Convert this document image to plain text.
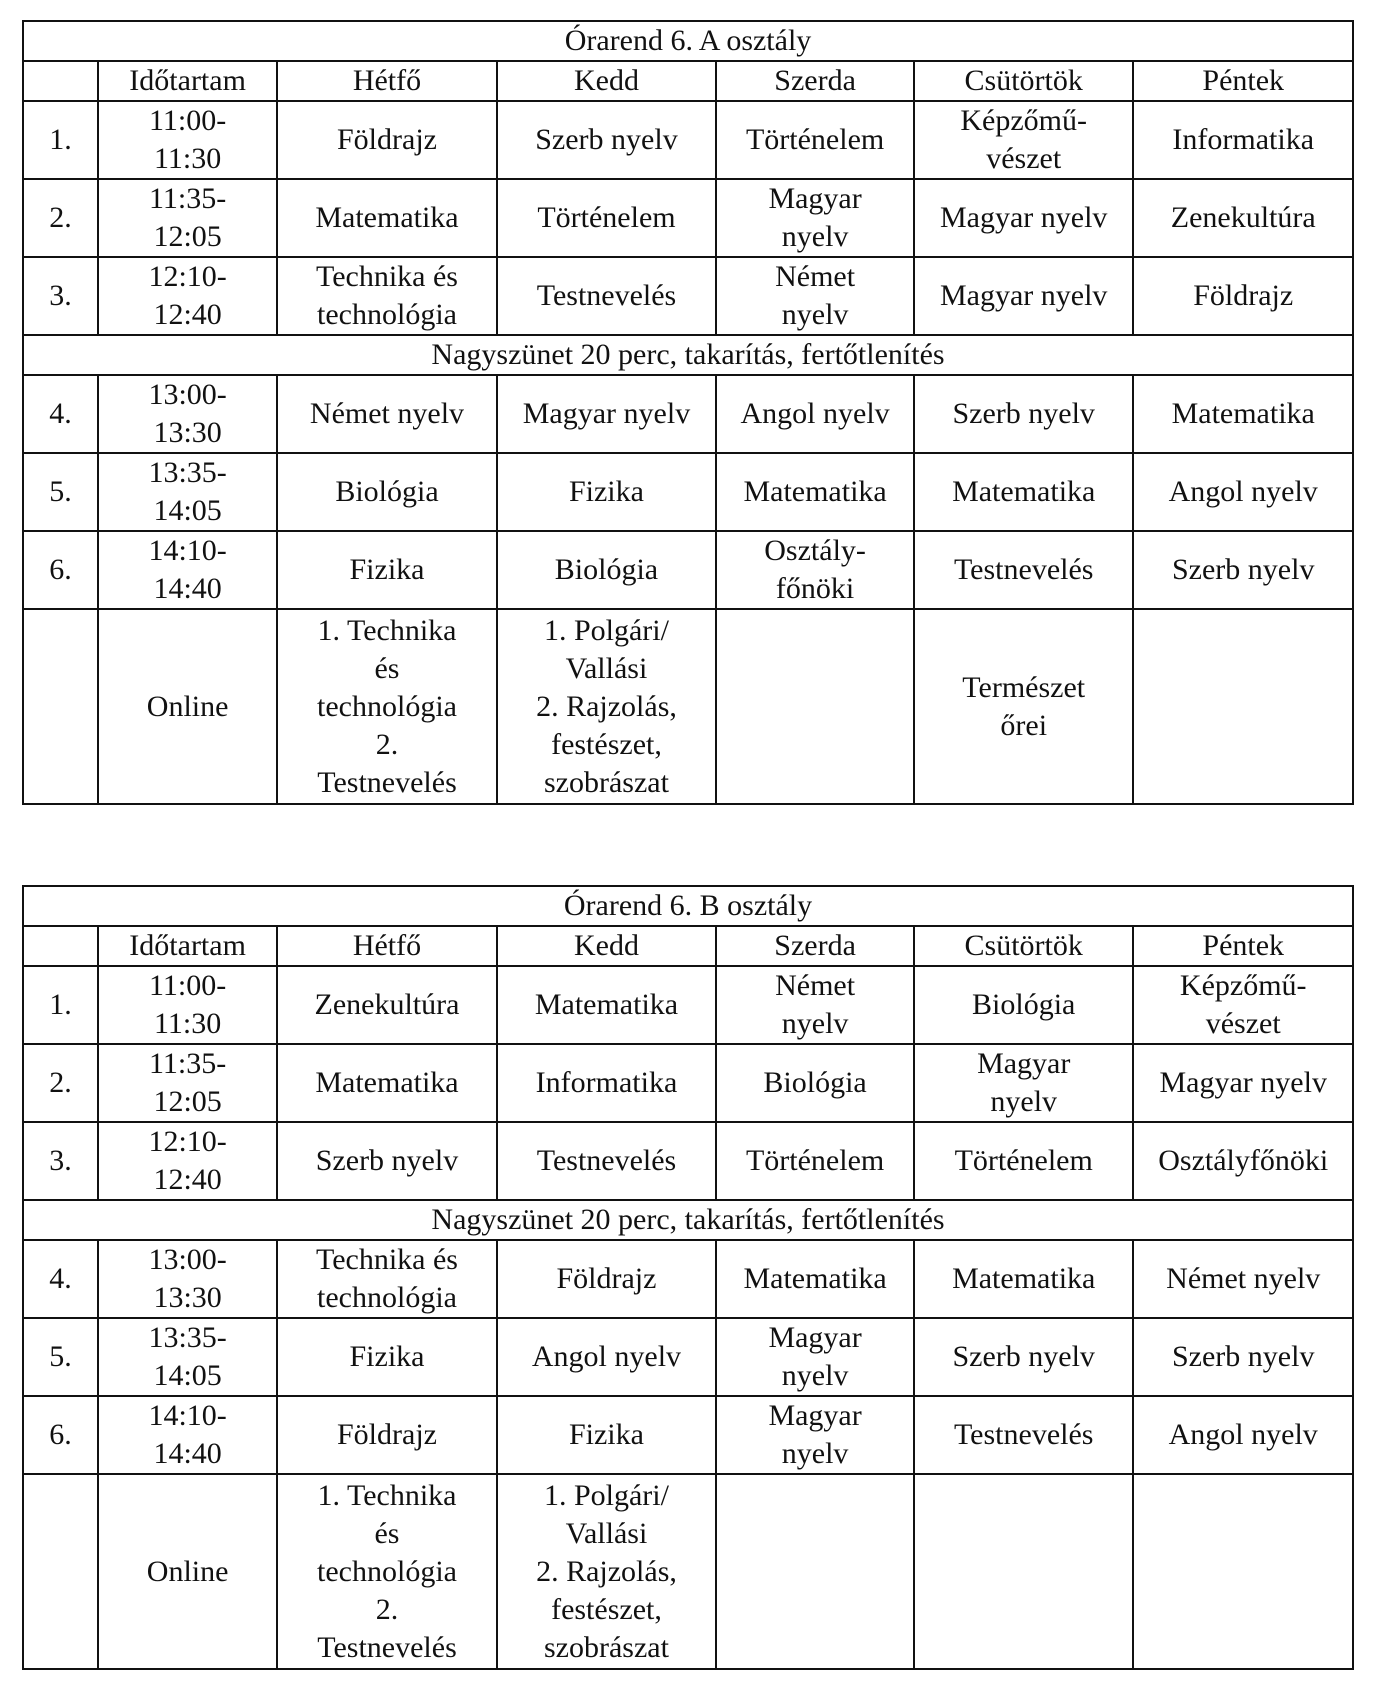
Órarend 6. A osztály						
	Időtartam	Hétfő	Kedd	Szerda	Csütörtök	Péntek
1.	11:00-
11:30	Földrajz	Szerb nyelv	Történelem	Képzőmű-
vészet	Informatika
2.	11:35-
12:05	Matematika	Történelem	Magyar
nyelv	Magyar nyelv	Zenekultúra
3.	12:10-
12:40	Technika és
technológia	Testnevelés	Német
nyelv	Magyar nyelv	Földrajz
Nagyszünet 20 perc, takarítás, fertőtlenítés						
4.	13:00-
13:30	Német nyelv	Magyar nyelv	Angol nyelv	Szerb nyelv	Matematika
5.	13:35-
14:05	Biológia	Fizika	Matematika	Matematika	Angol nyelv
6.	14:10-
14:40	Fizika	Biológia	Osztály-
főnöki	Testnevelés	Szerb nyelv
	Online	1. Technika
és
technológia
2.
Testnevelés	1. Polgári/
Vallási
2. Rajzolás,
festészet,
szobrászat		Természet
őrei	
Órarend 6. B osztály						
	Időtartam	Hétfő	Kedd	Szerda	Csütörtök	Péntek
1.	11:00-
11:30	Zenekultúra	Matematika	Német
nyelv	Biológia	Képzőmű-
vészet
2.	11:35-
12:05	Matematika	Informatika	Biológia	Magyar
nyelv	Magyar nyelv
3.	12:10-
12:40	Szerb nyelv	Testnevelés	Történelem	Történelem	Osztályfőnöki
Nagyszünet 20 perc, takarítás, fertőtlenítés						
4.	13:00-
13:30	Technika és
technológia	Földrajz	Matematika	Matematika	Német nyelv
5.	13:35-
14:05	Fizika	Angol nyelv	Magyar
nyelv	Szerb nyelv	Szerb nyelv
6.	14:10-
14:40	Földrajz	Fizika	Magyar
nyelv	Testnevelés	Angol nyelv
	Online	1. Technika
és
technológia
2.
Testnevelés	1. Polgári/
Vallási
2. Rajzolás,
festészet,
szobrászat			
